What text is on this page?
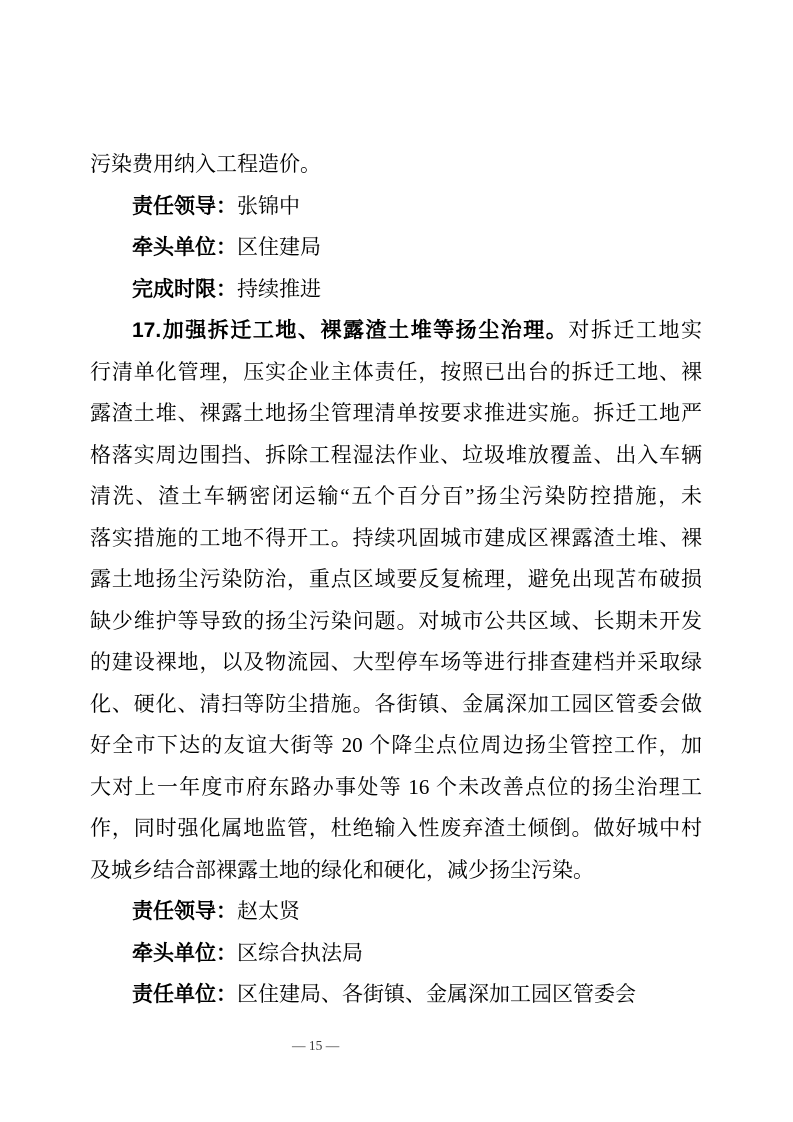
污染费用纳入工程造价。
责任领导：张锦中
牵头单位：区住建局
完成时限：持续推进
17.加强拆迁工地、裸露渣土堆等扬尘治理。对拆迁工地实
行清单化管理，压实企业主体责任，按照已出台的拆迁工地、裸
露渣土堆、裸露土地扬尘管理清单按要求推进实施。拆迁工地严
格落实周边围挡、拆除工程湿法作业、垃圾堆放覆盖、出入车辆
清洗、渣土车辆密闭运输“五个百分百”扬尘污染防控措施，未
落实措施的工地不得开工。持续巩固城市建成区裸露渣土堆、裸
露土地扬尘污染防治，重点区域要反复梳理，避免出现苫布破损
缺少维护等导致的扬尘污染问题。对城市公共区域、长期未开发
的建设裸地，以及物流园、大型停车场等进行排查建档并采取绿
化、硬化、清扫等防尘措施。各街镇、金属深加工园区管委会做
好全市下达的友谊大街等 20 个降尘点位周边扬尘管控工作，加
大对上一年度市府东路办事处等 16 个未改善点位的扬尘治理工
作，同时强化属地监管，杜绝输入性废弃渣土倾倒。做好城中村
及城乡结合部裸露土地的绿化和硬化，减少扬尘污染。
责任领导：赵太贤
牵头单位：区综合执法局
责任单位：区住建局、各街镇、金属深加工园区管委会
— 15 —
